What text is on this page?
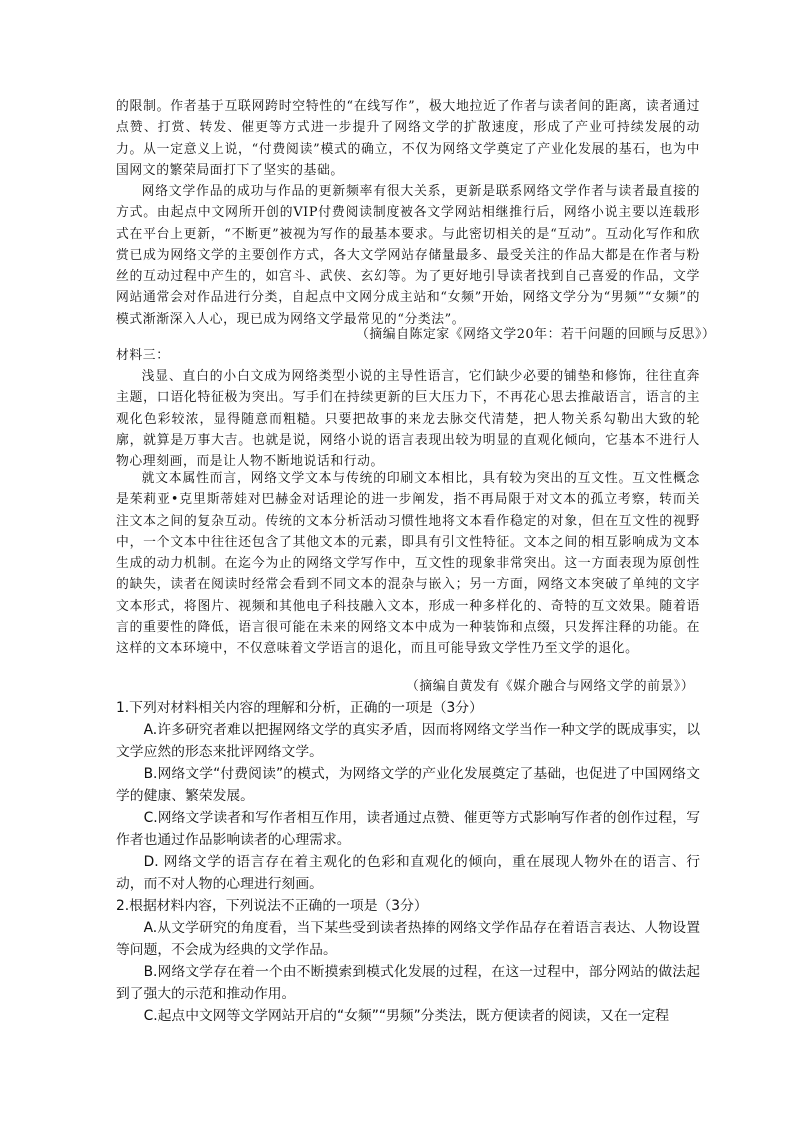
的限制。作者基于互联网跨时空特性的“在线写作”，极大地拉近了作者与读者间的距离，读者通过点赞、打赏、转发、催更等方式进一步提升了网络文学的扩散速度，形成了产业可持续发展的动力。从一定意义上说，“付费阅读”模式的确立，不仅为网络文学奠定了产业化发展的基石，也为中国网文的繁荣局面打下了坚实的基础。

网络文学作品的成功与作品的更新频率有很大关系，更新是联系网络文学作者与读者最直接的方式。由起点中文网所开创的VIP付费阅读制度被各文学网站相继推行后，网络小说主要以连载形式在平台上更新，“不断更”被视为写作的最基本要求。与此密切相关的是“互动”。互动化写作和欣赏已成为网络文学的主要创作方式，各大文学网站存储量最多、最受关注的作品大都是在作者与粉丝的互动过程中产生的，如宫斗、武侠、玄幻等。为了更好地引导读者找到自己喜爱的作品，文学网站通常会对作品进行分类，自起点中文网分成主站和“女频”开始，网络文学分为“男频”“女频”的模式渐渐深入人心，现已成为网络文学最常见的“分类法”。

（摘编自陈定家《网络文学20年：若干问题的回顾与反思》）

材料三：

浅显、直白的小白文成为网络类型小说的主导性语言，它们缺少必要的铺垫和修饰，往往直奔主题，口语化特征极为突出。写手们在持续更新的巨大压力下，不再花心思去推敲语言，语言的主观化色彩较浓，显得随意而粗糙。只要把故事的来龙去脉交代清楚，把人物关系勾勒出大致的轮廓，就算是万事大吉。也就是说，网络小说的语言表现出较为明显的直观化倾向，它基本不进行人物心理刻画，而是让人物不断地说话和行动。

就文本属性而言，网络文学文本与传统的印刷文本相比，具有较为突出的互文性。互文性概念是茱莉亚•克里斯蒂娃对巴赫金对话理论的进一步阐发，指不再局限于对文本的孤立考察，转而关注文本之间的复杂互动。传统的文本分析活动习惯性地将文本看作稳定的对象，但在互文性的视野中，一个文本中往往还包含了其他文本的元素，即具有引文性特征。文本之间的相互影响成为文本生成的动力机制。在迄今为止的网络文学写作中，互文性的现象非常突出。这一方面表现为原创性的缺失，读者在阅读时经常会看到不同文本的混杂与嵌入；另一方面，网络文本突破了单纯的文字文本形式，将图片、视频和其他电子科技融入文本，形成一种多样化的、奇特的互文效果。随着语言的重要性的降低，语言很可能在未来的网络文本中成为一种装饰和点缀，只发挥注释的功能。在这样的文本环境中，不仅意味着文学语言的退化，而且可能导致文学性乃至文学的退化。

（摘编自黄发有《媒介融合与网络文学的前景》）

1.下列对材料相关内容的理解和分析，正确的一项是（3分）

A.许多研究者难以把握网络文学的真实矛盾，因而将网络文学当作一种文学的既成事实，以文学应然的形态来批评网络文学。

B.网络文学“付费阅读”的模式，为网络文学的产业化发展奠定了基础，也促进了中国网络文学的健康、繁荣发展。

C.网络文学读者和写作者相互作用，读者通过点赞、催更等方式影响写作者的创作过程，写作者也通过作品影响读者的心理需求。

D. 网络文学的语言存在着主观化的色彩和直观化的倾向，重在展现人物外在的语言、行动，而不对人物的心理进行刻画。

2.根据材料内容，下列说法不正确的一项是（3分）

A.从文学研究的角度看，当下某些受到读者热捧的网络文学作品存在着语言表达、人物设置等问题，不会成为经典的文学作品。

B.网络文学存在着一个由不断摸索到模式化发展的过程，在这一过程中，部分网站的做法起到了强大的示范和推动作用。

C.起点中文网等文学网站开启的“女频”“男频”分类法，既方便读者的阅读，又在一定程
